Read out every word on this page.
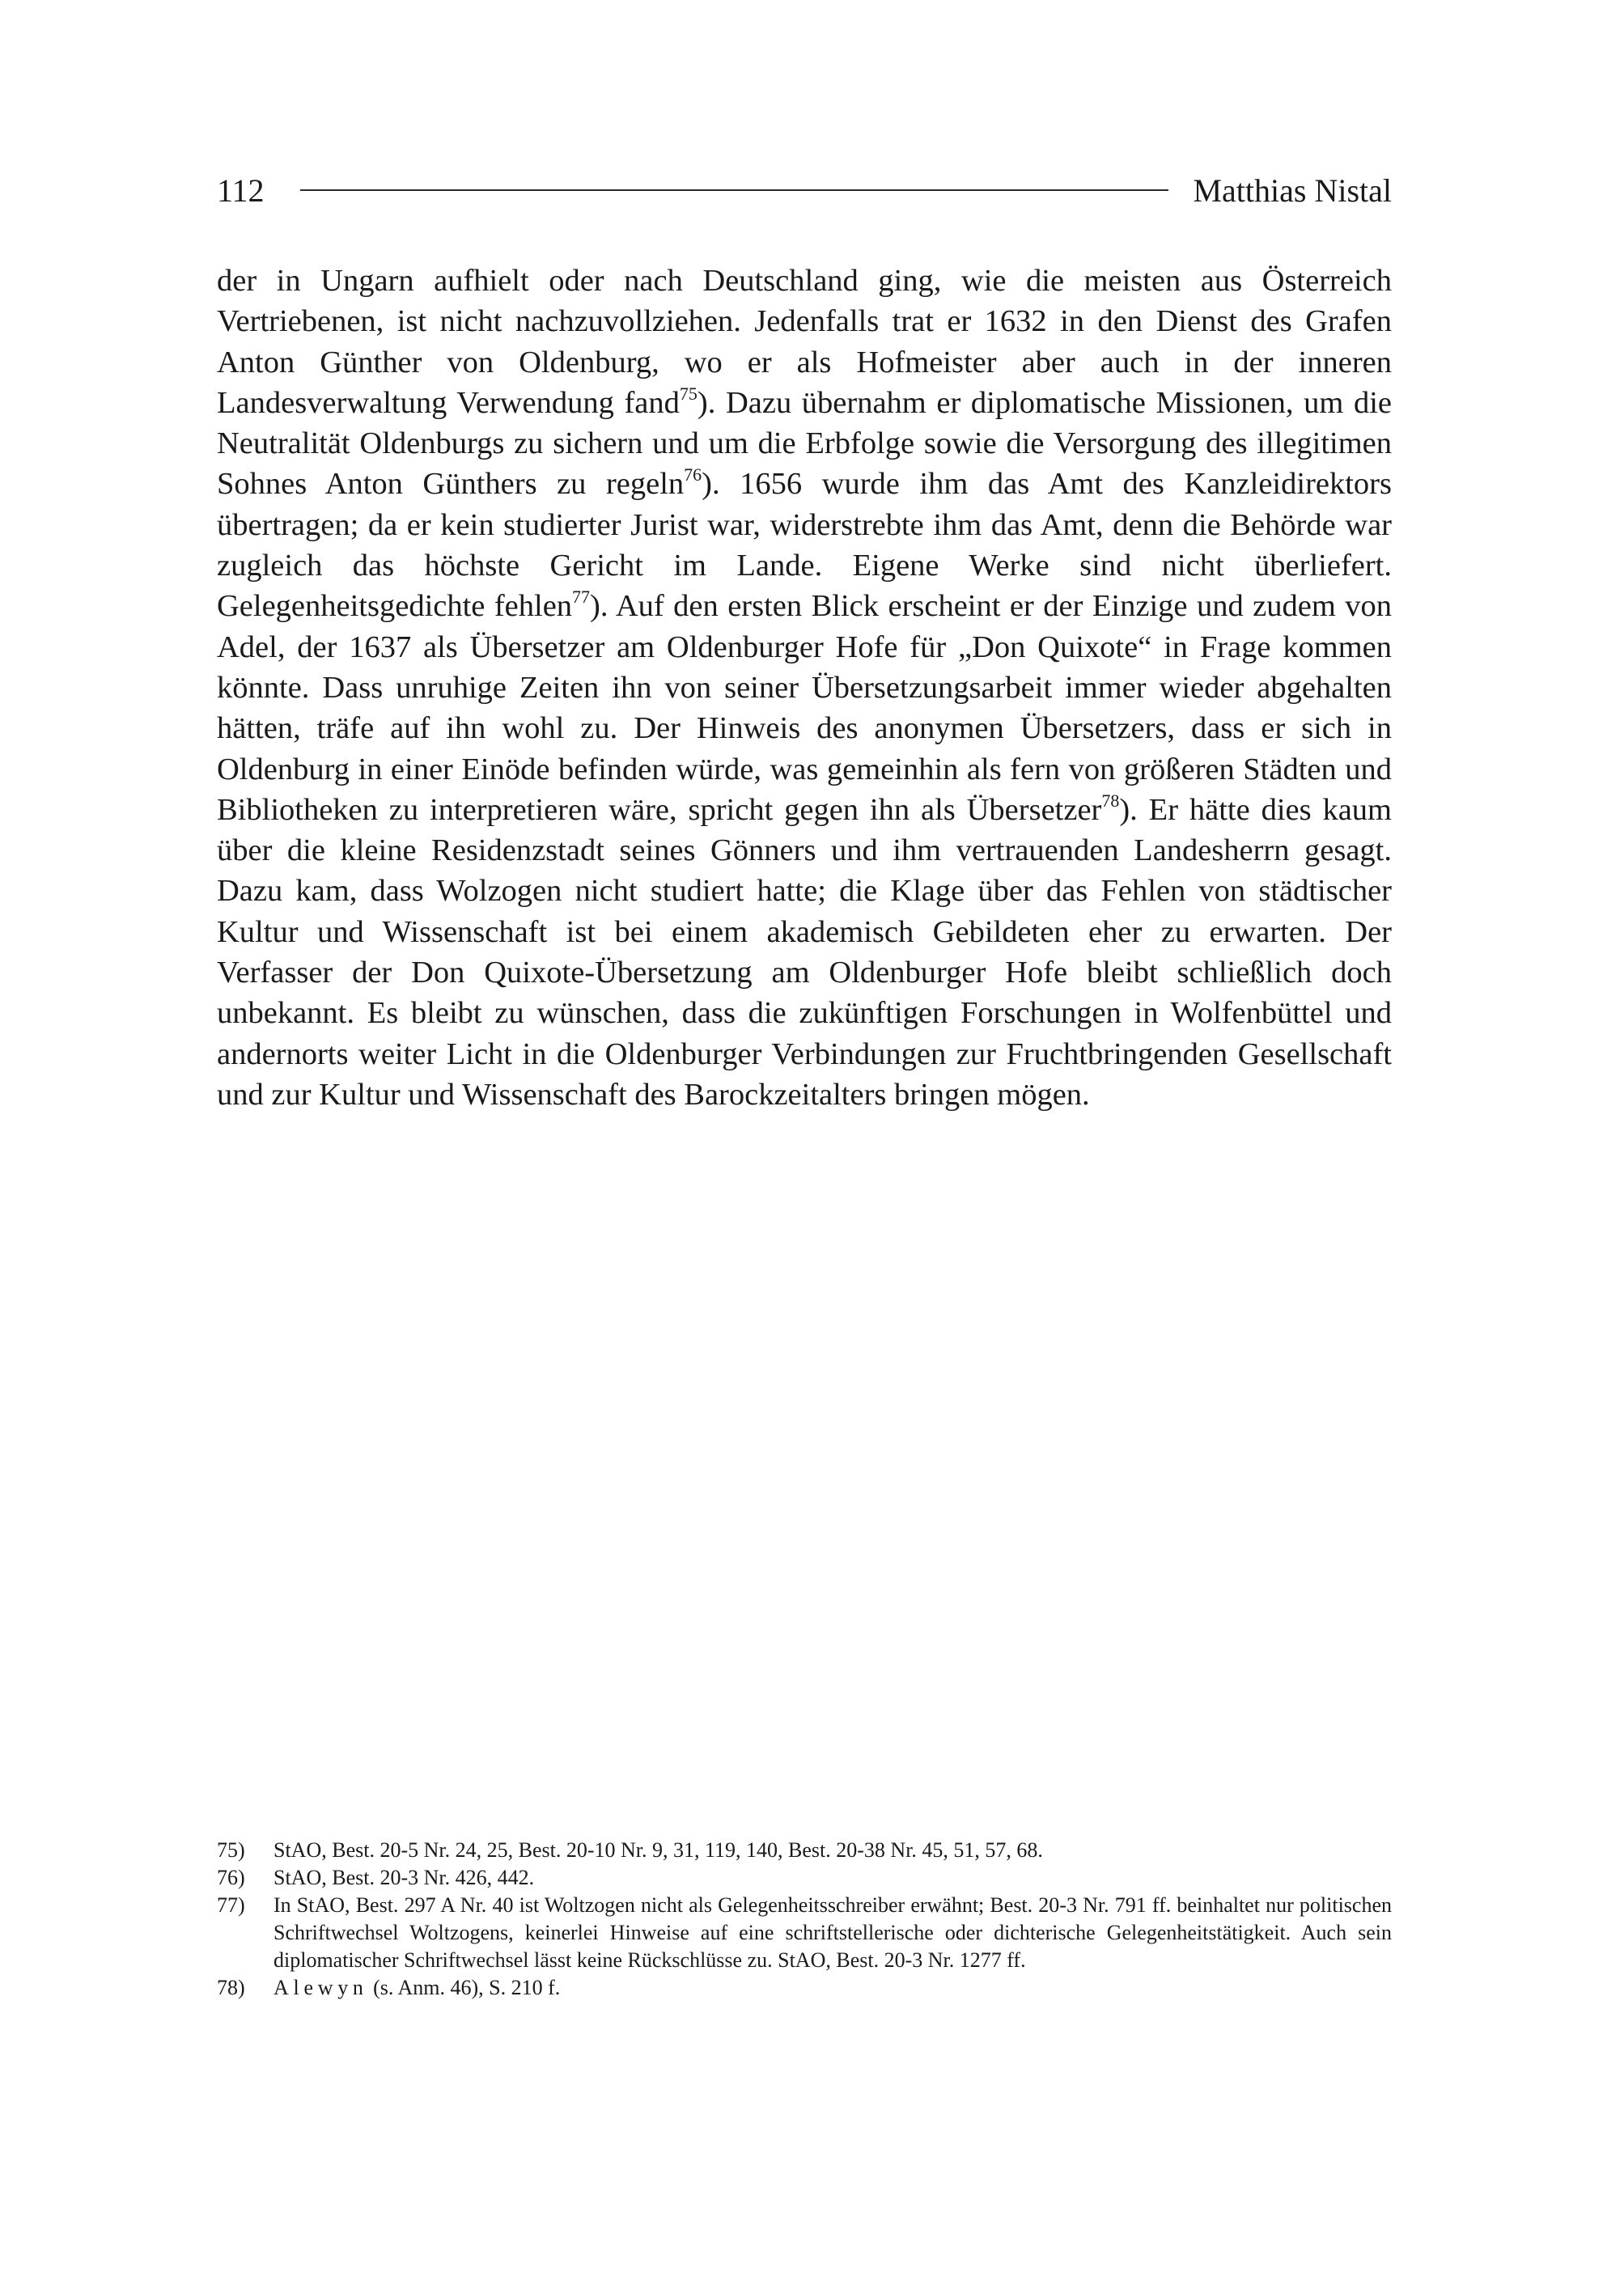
112	Matthias Nistal

der in Ungarn aufhielt oder nach Deutschland ging, wie die meisten aus Österreich Vertriebenen, ist nicht nachzuvollziehen. Jedenfalls trat er 1632 in den Dienst des Grafen Anton Günther von Oldenburg, wo er als Hofmeister aber auch in der inneren Landesverwaltung Verwendung fand$^{75}$). Dazu übernahm er diplomatische Missionen, um die Neutralität Oldenburgs zu sichern und um die Erbfolge sowie die Versorgung des illegitimen Sohnes Anton Günthers zu regeln$^{76}$). 1656 wurde ihm das Amt des Kanzleidirektors übertragen; da er kein studierter Jurist war, widerstrebte ihm das Amt, denn die Behörde war zugleich das höchste Gericht im Lande. Eigene Werke sind nicht überliefert. Gelegenheitsgedichte fehlen$^{77}$). Auf den ersten Blick erscheint er der Einzige und zudem von Adel, der 1637 als Übersetzer am Oldenburger Hofe für „Don Quixote“ in Frage kommen könnte. Dass unruhige Zeiten ihn von seiner Übersetzungsarbeit immer wieder abgehalten hätten, träfe auf ihn wohl zu. Der Hinweis des anonymen Übersetzers, dass er sich in Oldenburg in einer Einöde befinden würde, was gemeinhin als fern von größeren Städten und Bibliotheken zu interpretieren wäre, spricht gegen ihn als Übersetzer$^{78}$). Er hätte dies kaum über die kleine Residenzstadt seines Gönners und ihm vertrauenden Landesherrn gesagt. Dazu kam, dass Wolzogen nicht studiert hatte; die Klage über das Fehlen von städtischer Kultur und Wissenschaft ist bei einem akademisch Gebildeten eher zu erwarten. Der Verfasser der Don Quixote-Übersetzung am Oldenburger Hofe bleibt schließlich doch unbekannt. Es bleibt zu wünschen, dass die zukünftigen Forschungen in Wolfenbüttel und andernorts weiter Licht in die Oldenburger Verbindungen zur Fruchtbringenden Gesellschaft und zur Kultur und Wissenschaft des Barockzeitalters bringen mögen.

75)	StAO, Best. 20-5 Nr. 24, 25, Best. 20-10 Nr. 9, 31, 119, 140, Best. 20-38 Nr. 45, 51, 57, 68.
76)	StAO, Best. 20-3 Nr. 426, 442.
77)	In StAO, Best. 297 A Nr. 40 ist Woltzogen nicht als Gelegenheitsschreiber erwähnt; Best. 20-3 Nr. 791 ff. beinhaltet nur politischen Schriftwechsel Woltzogens, keinerlei Hinweise auf eine schriftstellerische oder dichterische Gelegenheitstätigkeit. Auch sein diplomatischer Schriftwechsel lässt keine Rückschlüsse zu. StAO, Best. 20-3 Nr. 1277 ff.
78)	Alewyn (s. Anm. 46), S. 210 f.
